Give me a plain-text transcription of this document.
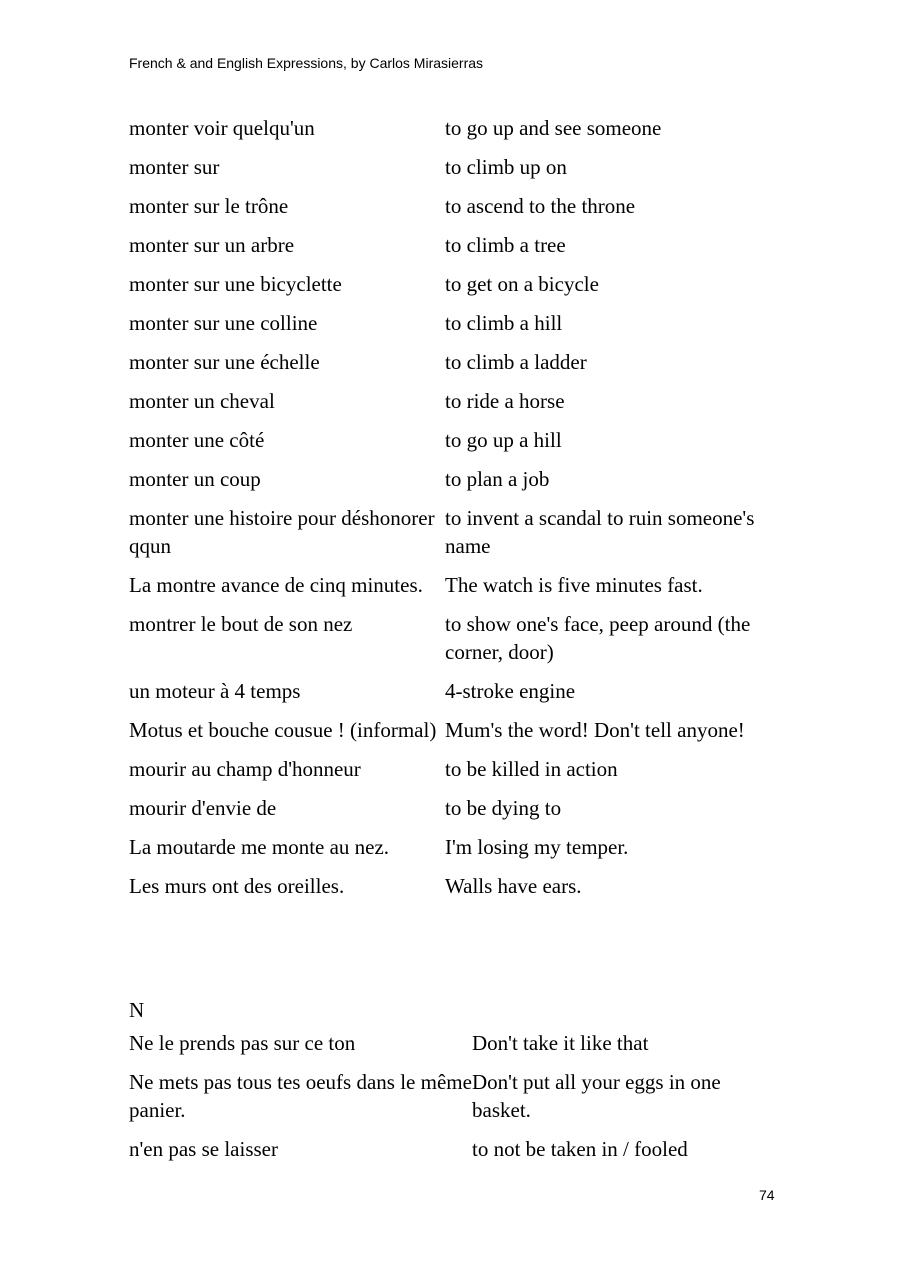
French & and English Expressions, by Carlos Mirasierras
monter voir quelqu'un	to go up and see someone
monter sur	to climb up on
monter sur le trône	to ascend to the throne
monter sur un arbre	to climb a tree
monter sur une bicyclette	to get on a bicycle
monter sur une colline	to climb a hill
monter sur une échelle	to climb a ladder
monter un cheval	to ride a horse
monter une côté	to go up a hill
monter un coup	to plan a job
monter une histoire pour déshonorer qqun	to invent a scandal to ruin someone's name
La montre avance de cinq minutes.	The watch is five minutes fast.
montrer le bout de son nez	to show one's face, peep around (the corner, door)
un moteur à 4 temps	4-stroke engine
Motus et bouche cousue ! (informal)	Mum's the word! Don't tell anyone!
mourir au champ d'honneur	to be killed in action
mourir d'envie de	to be dying to
La moutarde me monte au nez.	I'm losing my temper.
Les murs ont des oreilles.	Walls have ears.
N
Ne le prends pas sur ce ton	Don't take it like that
Ne mets pas tous tes oeufs dans le même panier.	Don't put all your eggs in one basket.
n'en pas se laisser	to not be taken in / fooled
74
